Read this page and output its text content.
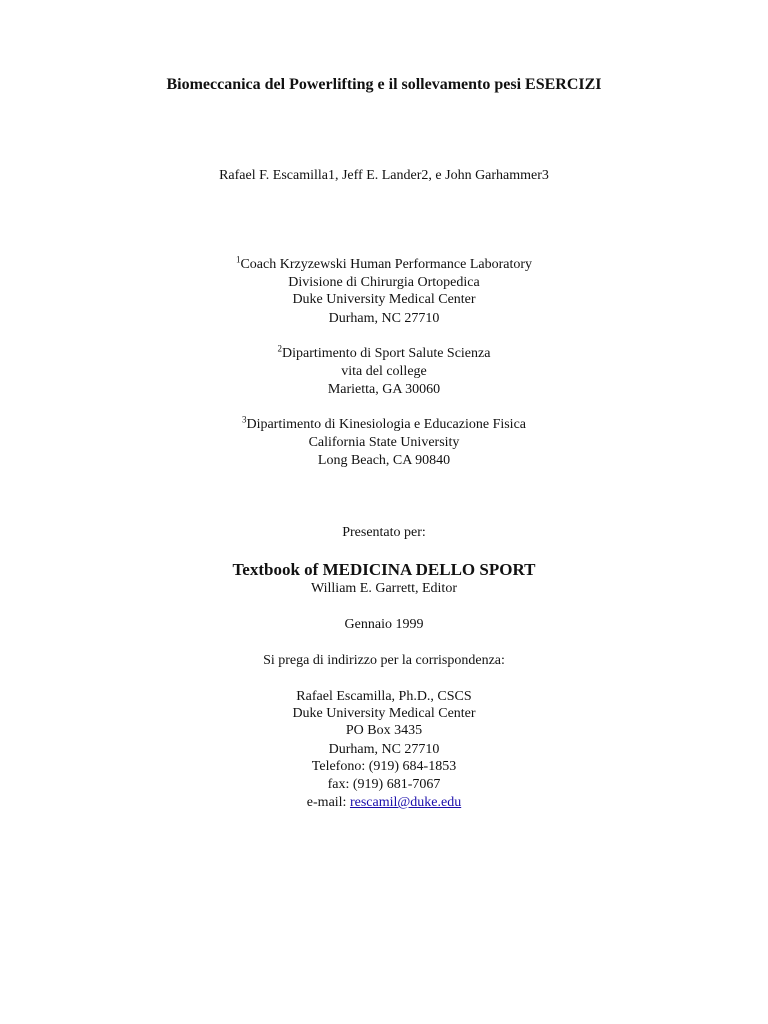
Biomeccanica del Powerlifting e il sollevamento pesi ESERCIZI
Rafael F. Escamilla1, Jeff E. Lander2, e John Garhammer3
$^1$Coach Krzyzewski Human Performance Laboratory
Divisione di Chirurgia Ortopedica
Duke University Medical Center
Durham, NC 27710
$^2$Dipartimento di Sport Salute Scienza
vita del college
Marietta, GA 30060
$^3$Dipartimento di Kinesiologia e Educazione Fisica
California State University
Long Beach, CA 90840
Presentato per:
Textbook of MEDICINA DELLO SPORT
William E. Garrett, Editor
Gennaio 1999
Si prega di indirizzo per la corrispondenza:
Rafael Escamilla, Ph.D., CSCS
Duke University Medical Center
PO Box 3435
Durham, NC 27710
Telefono: (919) 684-1853
fax: (919) 681-7067
e-mail: rescamil@duke.edu
